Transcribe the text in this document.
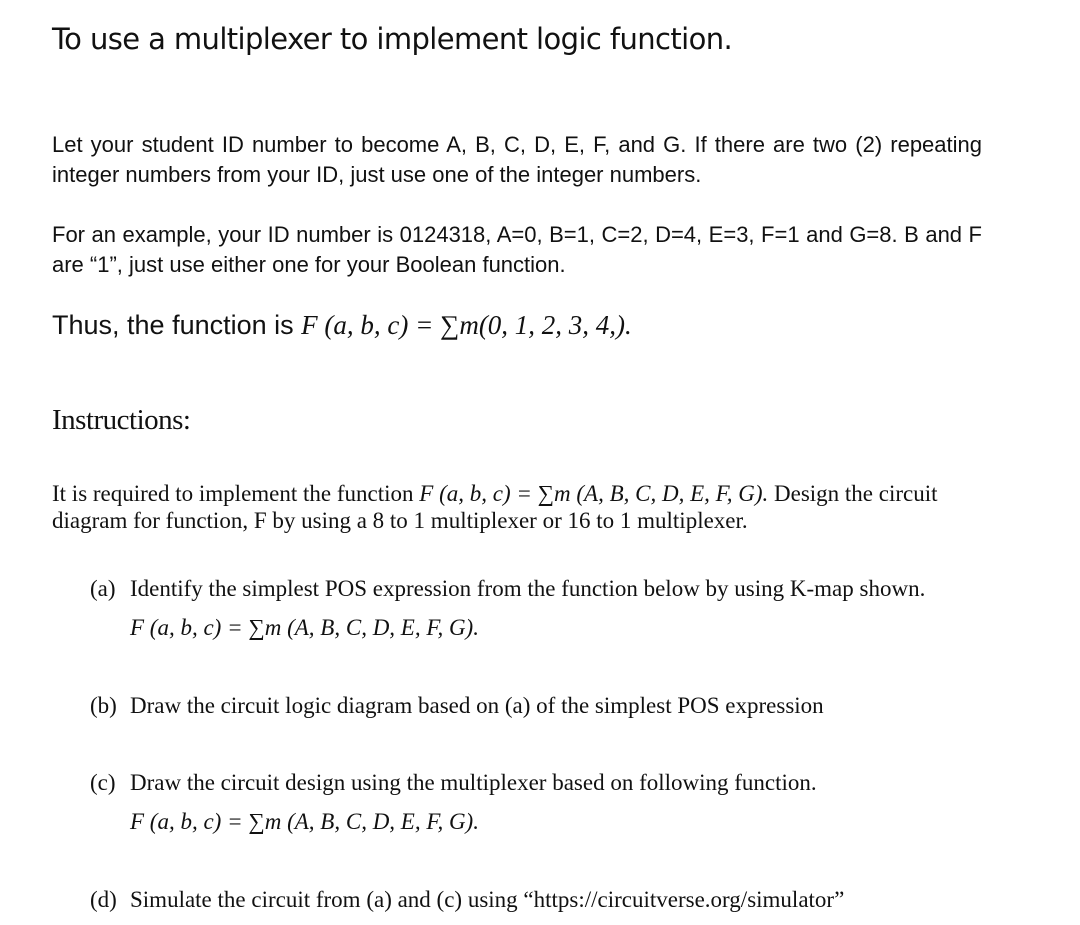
To use a multiplexer to implement logic function.

Let your student ID number to become A, B, C, D, E, F, and G. If there are two (2) repeating integer numbers from your ID, just use one of the integer numbers.

For an example, your ID number is 0124318, A=0, B=1, C=2, D=4, E=3, F=1 and G=8. B and F are “1”, just use either one for your Boolean function.

Thus, the function is F (a, b, c) = ∑m(0, 1, 2, 3, 4,).

Instructions:

It is required to implement the function F (a, b, c) = ∑m (A, B, C, D, E, F, G). Design the circuit diagram for function, F by using a 8 to 1 multiplexer or 16 to 1 multiplexer.

(a) Identify the simplest POS expression from the function below by using K-map shown.
F (a, b, c) = ∑m (A, B, C, D, E, F, G).
(b) Draw the circuit logic diagram based on (a) of the simplest POS expression
(c) Draw the circuit design using the multiplexer based on following function.
F (a, b, c) = ∑m (A, B, C, D, E, F, G).
(d) Simulate the circuit from (a) and (c) using “https://circuitverse.org/simulator”
